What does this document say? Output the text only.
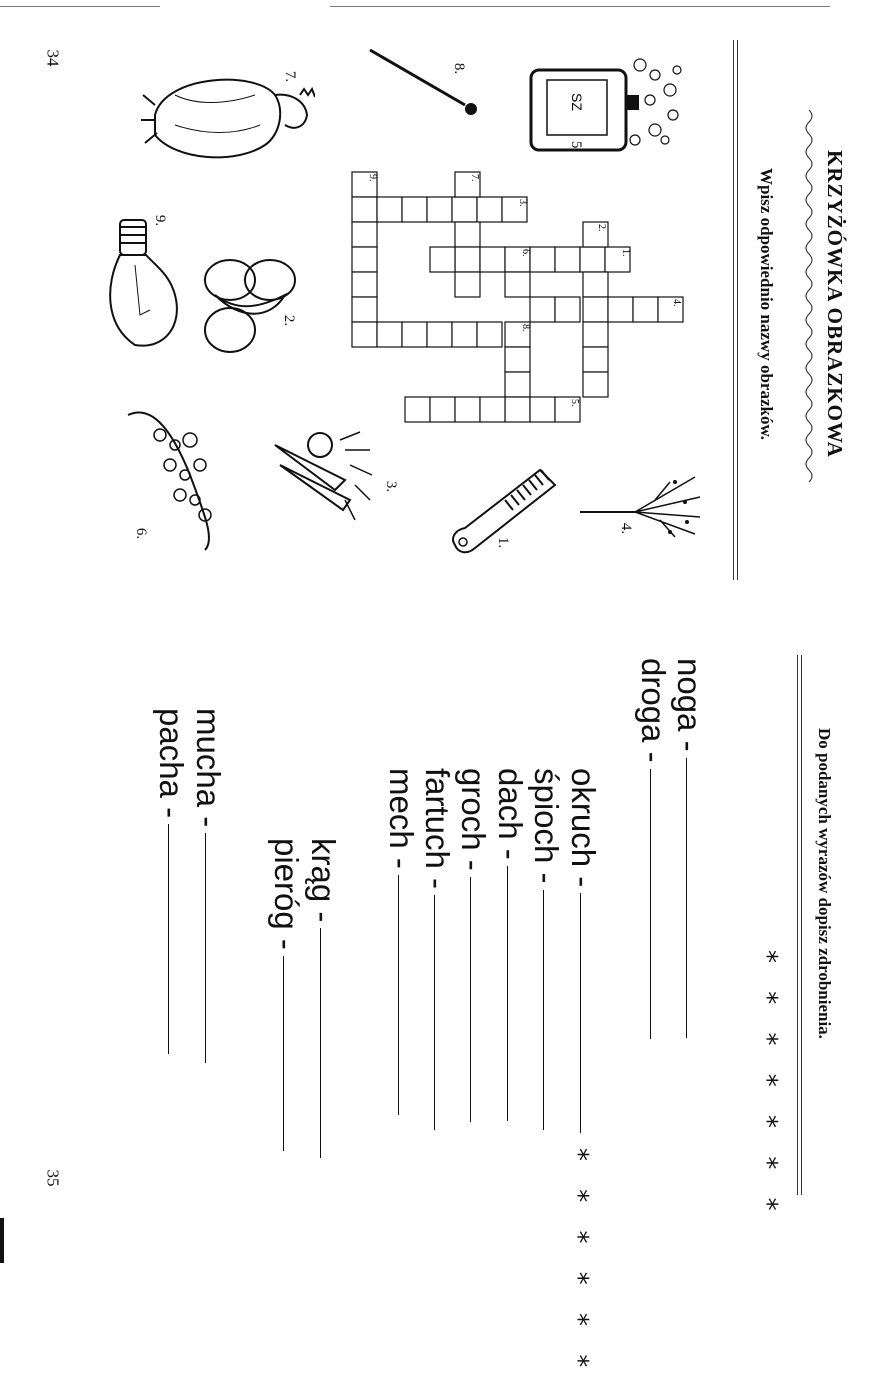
34
35
KRZYŻÓWKA OBRAZKOWA
Wpisz odpowiednio nazwy obrazków.
9.	7.
3.
2.
1.
6.
4.
8.
5.
SZ
5.
8.
7.
9.
2.
3.
6.
1.
4.
Do podanych wyrazów dopisz zdrobnienia.
* * * * * * *
* * * * * *
noga -
droga -
okruch -
śpioch -
dach -
groch -
fartuch -
mech -
krąg -
pieróg -
mucha -
pacha -
